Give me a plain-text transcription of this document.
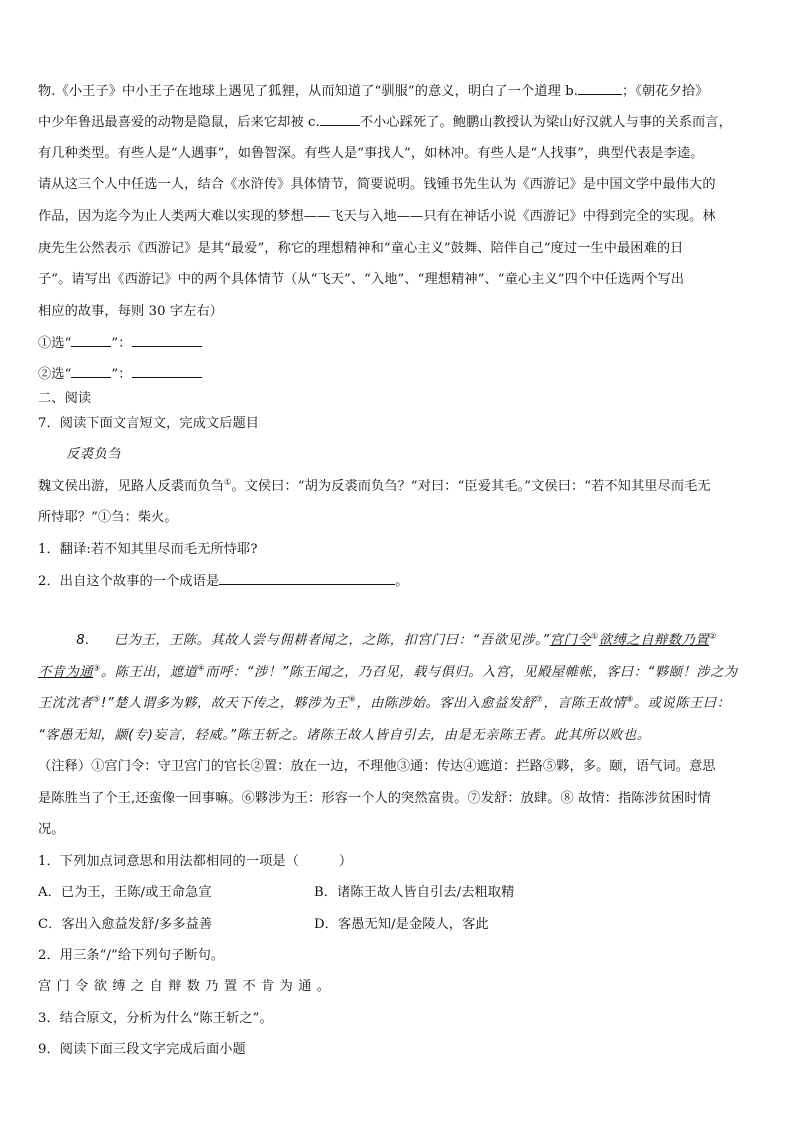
物.《小王子》中小王子在地球上遇见了狐狸，从而知道了“驯服”的意义，明白了一个道理 b.	；《朝花夕拾》
中少年鲁迅最喜爱的动物是隐鼠，后来它却被 c.	不小心踩死了。鲍鹏山教授认为梁山好汉就人与事的关系而言，
有几种类型。有些人是“人遇事”，如鲁智深。有些人是“事找人”，如林冲。有些人是“人找事”，典型代表是李逵。
请从这三个人中任选一人，结合《水浒传》具体情节，简要说明。钱锺书先生认为《西游记》是中国文学中最伟大的
作品，因为迄今为止人类两大难以实现的梦想——飞天与入地——只有在神话小说《西游记》中得到完全的实现。林
庚先生公然表示《西游记》是其“最爱”，称它的理想精神和“童心主义”鼓舞、陪伴自己“度过一生中最困难的日
子”。请写出《西游记》中的两个具体情节（从“飞天”、“入地”、“理想精神”、“童心主义”四个中任选两个写出
相应的故事，每则 30 字左右）
①选“	”：
②选“	”：
二、阅读
7．阅读下面文言短文，完成文后题目
反裘负刍
魏文侯出游，见路人反裘而负刍①。文侯曰：“胡为反裘而负刍？”对曰：“臣爱其毛。”文侯曰：“若不知其里尽而毛无
所恃耶？”①刍：柴火。
1．翻译:若不知其里尽而毛无所恃耶?
2．出自这个故事的一个成语是	。
8. 已为王，王陈。其故人尝与佣耕者闻之，之陈，扣宫门曰：“吾欲见涉。”宫门令①欲缚之自辩数乃置②
不肯为通③。陈王出，遮道④而呼：“涉！”陈王闻之，乃召见，载与俱归。入宫，见殿屋帷帐，客曰：“夥颐！涉之为
王沈沈者⑤!”楚人谓多为夥，故天下传之，夥涉为王⑥，由陈涉始。客出入愈益发舒⑦，言陈王故情⑧。或说陈王曰：
“客愚无知，颛(专)妄言，轻威。”陈王斩之。诸陈王故人皆自引去，由是无亲陈王者。此其所以败也。
（注释）①宫门令：守卫宫门的官长②置：放在一边，不理他③通：传达④遮道：拦路⑤夥，多。颐，语气词。意思
是陈胜当了个王,还蛮像一回事嘛。⑥夥涉为王：形容一个人的突然富贵。⑦发舒：放肆。⑧ 故情：指陈涉贫困时情
况。
1．下列加点词意思和用法都相同的一项是（　　　）
A．已为王，王陈/或王命急宣	B．诸陈王故人皆自引去/去粗取精
C．客出入愈益发舒/多多益善	D．客愚无知/是金陵人，客此
2．用三条“/”给下列句子断句。
宫门令欲缚之自辩数乃置不肯为通。
3．结合原文，分析为什么“陈王斩之”。
9．阅读下面三段文字完成后面小题
